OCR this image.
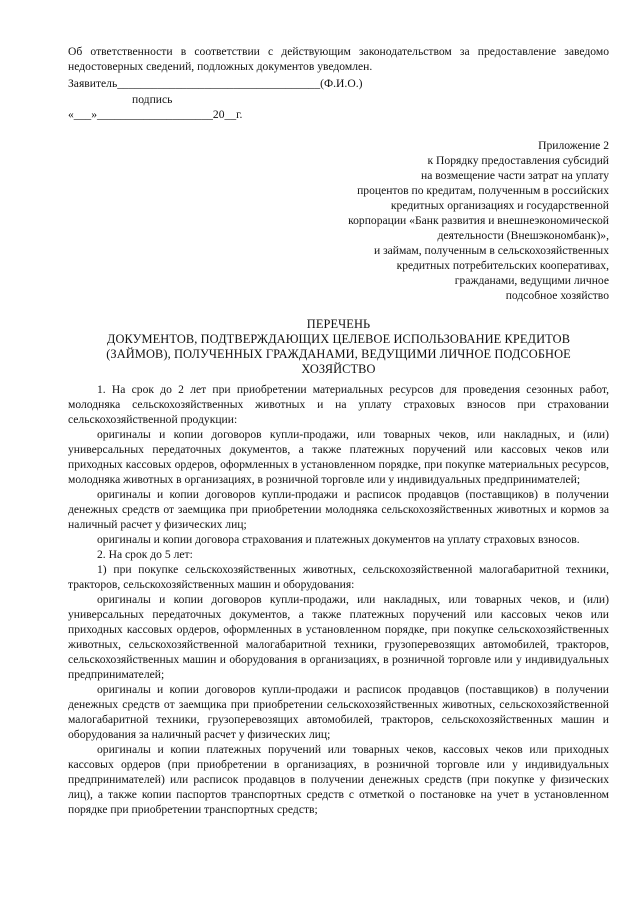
Об ответственности в соответствии с действующим законодательством за предоставление заведомо недостоверных сведений, подложных документов уведомлен.
Заявитель___________________________________(Ф.И.О.)
подпись
«___»____________________20__г.
Приложение 2
к Порядку предоставления субсидий
на возмещение части затрат на уплату
процентов по кредитам, полученным в российских
кредитных организациях и государственной
корпорации «Банк развития и внешнеэкономической
деятельности (Внешэкономбанк)»,
и займам, полученным в сельскохозяйственных
кредитных потребительских кооперативах,
гражданами, ведущими личное
подсобное хозяйство
ПЕРЕЧЕНЬ
ДОКУМЕНТОВ, ПОДТВЕРЖДАЮЩИХ ЦЕЛЕВОЕ ИСПОЛЬЗОВАНИЕ КРЕДИТОВ
(ЗАЙМОВ), ПОЛУЧЕННЫХ ГРАЖДАНАМИ, ВЕДУЩИМИ ЛИЧНОЕ ПОДСОБНОЕ
ХОЗЯЙСТВО

1. На срок до 2 лет при приобретении материальных ресурсов для проведения сезонных работ, молодняка сельскохозяйственных животных и на уплату страховых взносов при страховании сельскохозяйственной продукции:

оригиналы и копии договоров купли-продажи, или товарных чеков, или накладных, и (или) универсальных передаточных документов, а также платежных поручений или кассовых чеков или приходных кассовых ордеров, оформленных в установленном порядке, при покупке материальных ресурсов, молодняка животных в организациях, в розничной торговле или у индивидуальных предпринимателей;

оригиналы и копии договоров купли-продажи и расписок продавцов (поставщиков) в получении денежных средств от заемщика при приобретении молодняка сельскохозяйственных животных и кормов за наличный расчет у физических лиц;

оригиналы и копии договора страхования и платежных документов на уплату страховых взносов.

2. На срок до 5 лет:

1) при покупке сельскохозяйственных животных, сельскохозяйственной малогабаритной техники, тракторов, сельскохозяйственных машин и оборудования:

оригиналы и копии договоров купли-продажи, или накладных, или товарных чеков, и (или) универсальных передаточных документов, а также платежных поручений или кассовых чеков или приходных кассовых ордеров, оформленных в установленном порядке, при покупке сельскохозяйственных животных, сельскохозяйственной малогабаритной техники, грузоперевозящих автомобилей, тракторов, сельскохозяйственных машин и оборудования в организациях, в розничной торговле или у индивидуальных предпринимателей;

оригиналы и копии договоров купли-продажи и расписок продавцов (поставщиков) в получении денежных средств от заемщика при приобретении сельскохозяйственных животных, сельскохозяйственной малогабаритной техники, грузоперевозящих автомобилей, тракторов, сельскохозяйственных машин и оборудования за наличный расчет у физических лиц;

оригиналы и копии платежных поручений или товарных чеков, кассовых чеков или приходных кассовых ордеров (при приобретении в организациях, в розничной торговле или у индивидуальных предпринимателей) или расписок продавцов в получении денежных средств (при покупке у физических лиц), а также копии паспортов транспортных средств с отметкой о постановке на учет в установленном порядке при приобретении транспортных средств;
